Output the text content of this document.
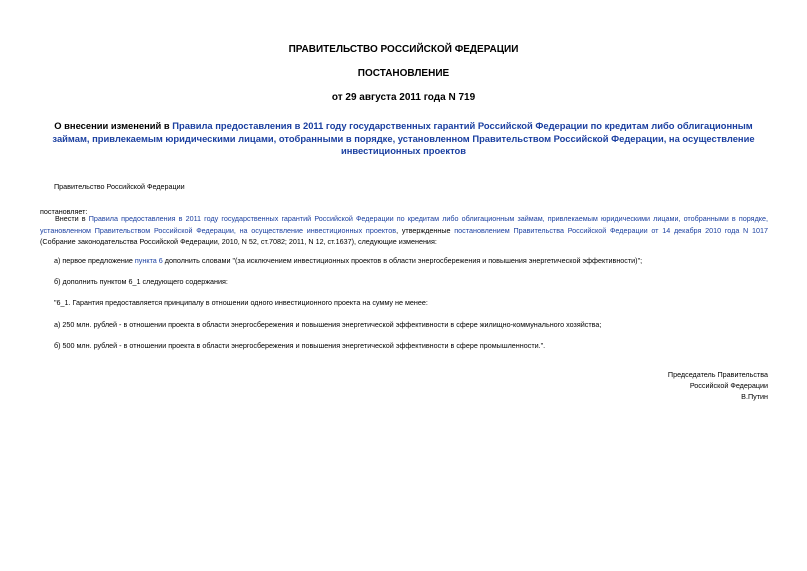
ПРАВИТЕЛЬСТВО РОССИЙСКОЙ ФЕДЕРАЦИИ
ПОСТАНОВЛЕНИЕ
от 29 августа 2011 года N 719
О внесении изменений в Правила предоставления в 2011 году государственных гарантий Российской Федерации по кредитам либо облигационным займам, привлекаемым юридическими лицами, отобранными в порядке, установленном Правительством Российской Федерации, на осуществление инвестиционных проектов
Правительство Российской Федерации
постановляет:
Внести в Правила предоставления в 2011 году государственных гарантий Российской Федерации по кредитам либо облигационным займам, привлекаемым юридическими лицами, отобранными в порядке, установленном Правительством Российской Федерации, на осуществление инвестиционных проектов, утвержденные постановлением Правительства Российской Федерации от 14 декабря 2010 года N 1017 (Собрание законодательства Российской Федерации, 2010, N 52, ст.7082; 2011, N 12, ст.1637), следующие изменения:
а) первое предложение пункта 6 дополнить словами "(за исключением инвестиционных проектов в области энергосбережения и повышения энергетической эффективности)";
б) дополнить пунктом 6_1 следующего содержания:
"6_1. Гарантия предоставляется принципалу в отношении одного инвестиционного проекта на сумму не менее:
а) 250 млн. рублей - в отношении проекта в области энергосбережения и повышения энергетической эффективности в сфере жилищно-коммунального хозяйства;
б) 500 млн. рублей - в отношении проекта в области энергосбережения и повышения энергетической эффективности в сфере промышленности.".
Председатель Правительства
Российской Федерации
В.Путин
